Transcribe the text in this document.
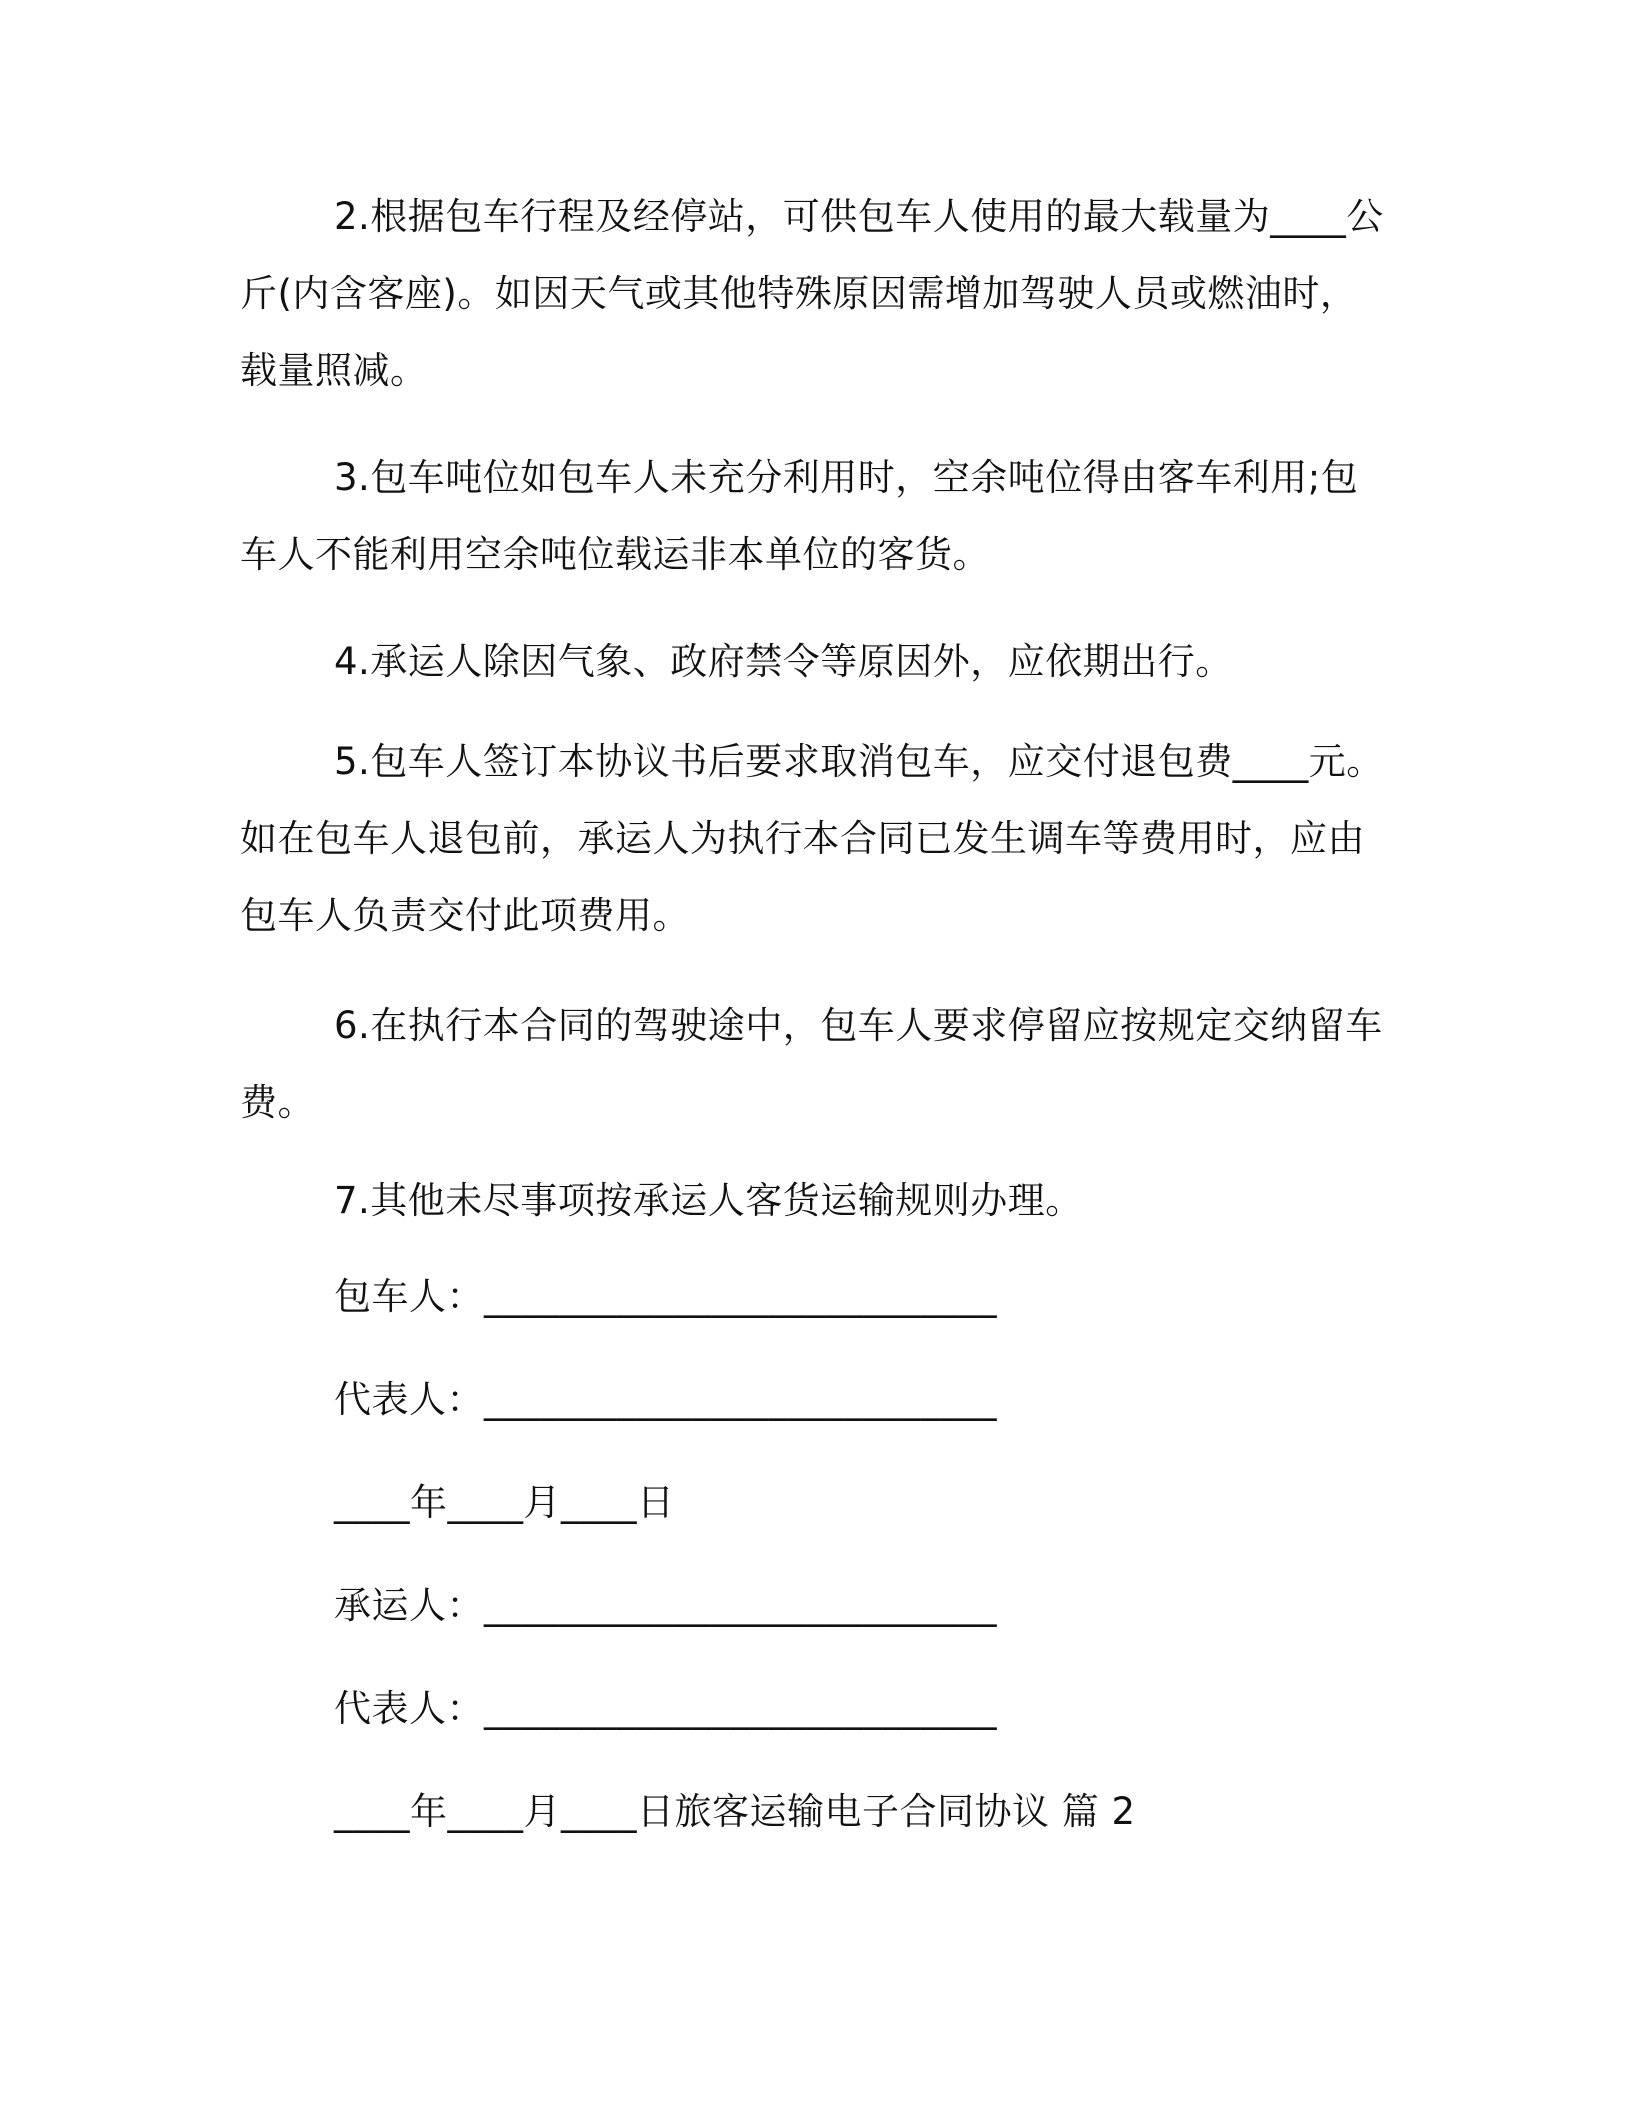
2.根据包车行程及经停站，可供包车人使用的最大载量为____公斤(内含客座)。如因天气或其他特殊原因需增加驾驶人员或燃油时，载量照减。

3.包车吨位如包车人未充分利用时，空余吨位得由客车利用;包车人不能利用空余吨位载运非本单位的客货。

4.承运人除因气象、政府禁令等原因外，应依期出行。

5.包车人签订本协议书后要求取消包车，应交付退包费____元。如在包车人退包前，承运人为执行本合同已发生调车等费用时，应由包车人负责交付此项费用。

6.在执行本合同的驾驶途中，包车人要求停留应按规定交纳留车费。

7.其他未尽事项按承运人客货运输规则办理。

包车人：___________________________

代表人：___________________________

____年____月____日

承运人：___________________________

代表人：___________________________

____年____月____日旅客运输电子合同协议 篇 2
